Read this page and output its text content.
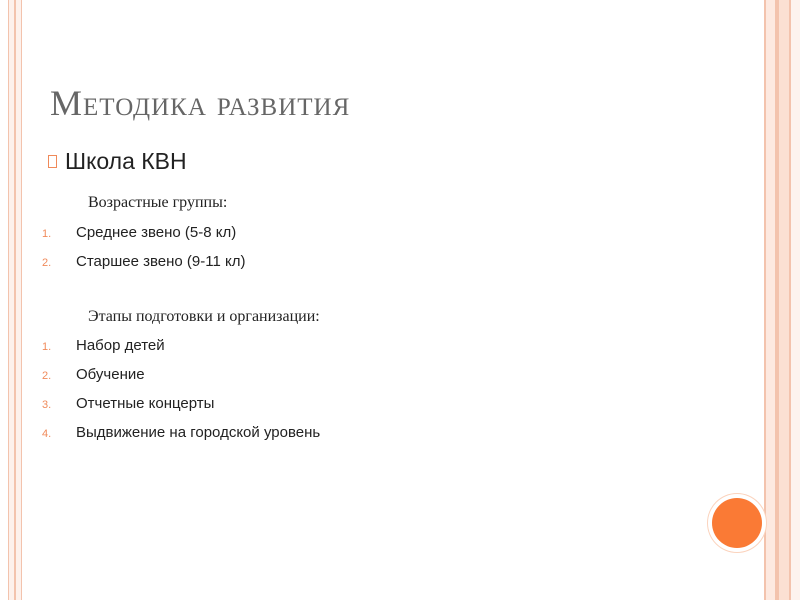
Методика развития
Школа КВН
Возрастные группы:
1.	Среднее звено (5-8 кл)
2.	Старшее звено (9-11 кл)
Этапы подготовки и организации:
1.	Набор детей
2.	Обучение
3.	Отчетные концерты
4.	Выдвижение на городской уровень
